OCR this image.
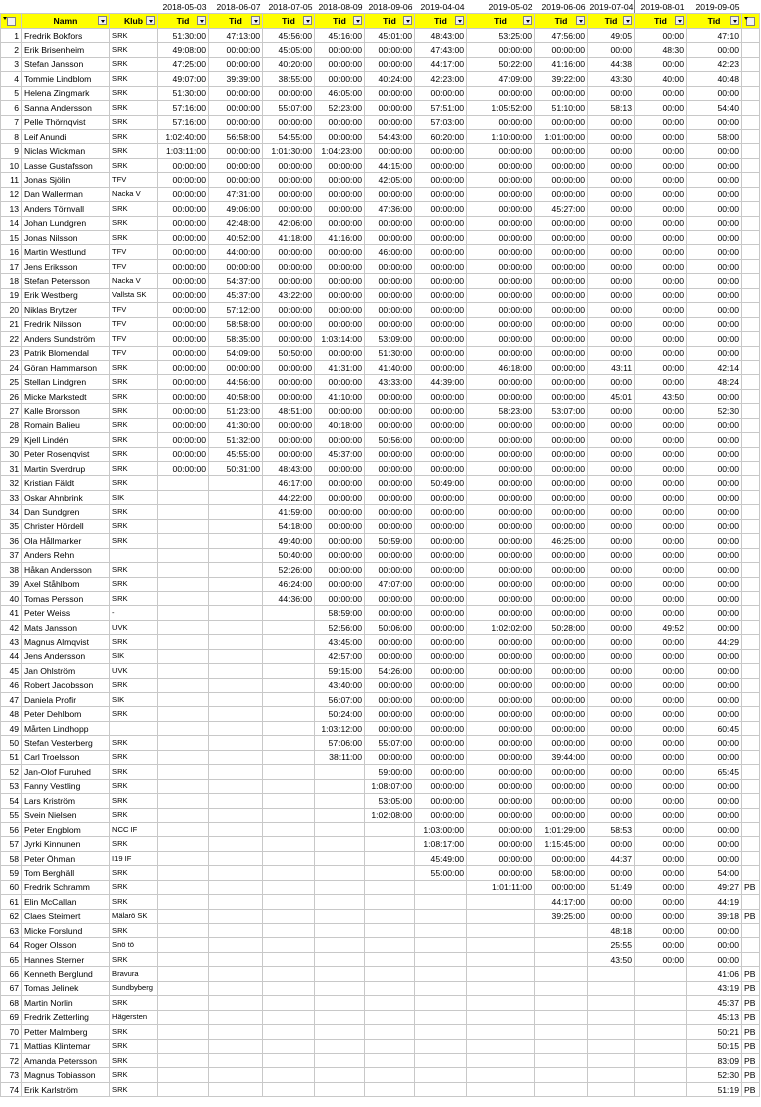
			2018-05-03	2018-06-07	2018-07-05	2018-08-09	2018-09-06	2019-04-04	2019-05-02	2019-06-06	2019-07-04	2019-08-01	2019-09-05	
	Namn	Klub	Tid	Tid	Tid	Tid	Tid	Tid	Tid	Tid	Tid	Tid	Tid

1	Fredrik Bokfors	SRK	51:30:00	47:13:00	45:56:00	45:16:00	45:01:00	48:43:00	53:25:00	47:56:00	49:05	00:00	47:10	
2	Erik Brisenheim	SRK	49:08:00	00:00:00	45:05:00	00:00:00	00:00:00	47:43:00	00:00:00	00:00:00	00:00	48:30	00:00	
3	Stefan Jansson	SRK	47:25:00	00:00:00	40:20:00	00:00:00	00:00:00	44:17:00	50:22:00	41:16:00	44:38	00:00	42:23	
4	Tommie Lindblom	SRK	49:07:00	39:39:00	38:55:00	00:00:00	40:24:00	42:23:00	47:09:00	39:22:00	43:30	40:00	40:48	
5	Helena Zingmark	SRK	51:30:00	00:00:00	00:00:00	46:05:00	00:00:00	00:00:00	00:00:00	00:00:00	00:00	00:00	00:00	
6	Sanna Andersson	SRK	57:16:00	00:00:00	55:07:00	52:23:00	00:00:00	57:51:00	1:05:52:00	51:10:00	58:13	00:00	54:40	
7	Pelle Thörnqvist	SRK	57:16:00	00:00:00	00:00:00	00:00:00	00:00:00	57:03:00	00:00:00	00:00:00	00:00	00:00	00:00	
8	Leif Anundi	SRK	1:02:40:00	56:58:00	54:55:00	00:00:00	54:43:00	60:20:00	1:10:00:00	1:01:00:00	00:00	00:00	58:00	
9	Niclas Wickman	SRK	1:03:11:00	00:00:00	1:01:30:00	1:04:23:00	00:00:00	00:00:00	00:00:00	00:00:00	00:00	00:00	00:00	
10	Lasse Gustafsson	SRK	00:00:00	00:00:00	00:00:00	00:00:00	44:15:00	00:00:00	00:00:00	00:00:00	00:00	00:00	00:00	
11	Jonas Sjölin	TFV	00:00:00	00:00:00	00:00:00	00:00:00	42:05:00	00:00:00	00:00:00	00:00:00	00:00	00:00	00:00	
12	Dan Wallerman	Nacka V	00:00:00	47:31:00	00:00:00	00:00:00	00:00:00	00:00:00	00:00:00	00:00:00	00:00	00:00	00:00	
13	Anders Törnvall	SRK	00:00:00	49:06:00	00:00:00	00:00:00	47:36:00	00:00:00	00:00:00	45:27:00	00:00	00:00	00:00	
14	Johan Lundgren	SRK	00:00:00	42:48:00	42:06:00	00:00:00	00:00:00	00:00:00	00:00:00	00:00:00	00:00	00:00	00:00	
15	Jonas Nilsson	SRK	00:00:00	40:52:00	41:18:00	41:16:00	00:00:00	00:00:00	00:00:00	00:00:00	00:00	00:00	00:00	
16	Martin Westlund	TFV	00:00:00	44:00:00	00:00:00	00:00:00	46:00:00	00:00:00	00:00:00	00:00:00	00:00	00:00	00:00	
17	Jens Eriksson	TFV	00:00:00	00:00:00	00:00:00	00:00:00	00:00:00	00:00:00	00:00:00	00:00:00	00:00	00:00	00:00	
18	Stefan Petersson	Nacka V	00:00:00	54:37:00	00:00:00	00:00:00	00:00:00	00:00:00	00:00:00	00:00:00	00:00	00:00	00:00	
19	Erik Westberg	Vallsta SK	00:00:00	45:37:00	43:22:00	00:00:00	00:00:00	00:00:00	00:00:00	00:00:00	00:00	00:00	00:00	
20	Niklas Brytzer	TFV	00:00:00	57:12:00	00:00:00	00:00:00	00:00:00	00:00:00	00:00:00	00:00:00	00:00	00:00	00:00	
21	Fredrik Nilsson	TFV	00:00:00	58:58:00	00:00:00	00:00:00	00:00:00	00:00:00	00:00:00	00:00:00	00:00	00:00	00:00	
22	Anders Sundström	TFV	00:00:00	58:35:00	00:00:00	1:03:14:00	53:09:00	00:00:00	00:00:00	00:00:00	00:00	00:00	00:00	
23	Patrik Blomendal	TFV	00:00:00	54:09:00	50:50:00	00:00:00	51:30:00	00:00:00	00:00:00	00:00:00	00:00	00:00	00:00	
24	Göran Hammarson	SRK	00:00:00	00:00:00	00:00:00	41:31:00	41:40:00	00:00:00	46:18:00	00:00:00	43:11	00:00	42:14	
25	Stellan Lindgren	SRK	00:00:00	44:56:00	00:00:00	00:00:00	43:33:00	44:39:00	00:00:00	00:00:00	00:00	00:00	48:24	
26	Micke Markstedt	SRK	00:00:00	40:58:00	00:00:00	41:10:00	00:00:00	00:00:00	00:00:00	00:00:00	45:01	43:50	00:00	
27	Kalle Brorsson	SRK	00:00:00	51:23:00	48:51:00	00:00:00	00:00:00	00:00:00	58:23:00	53:07:00	00:00	00:00	52:30	
28	Romain Balieu	SRK	00:00:00	41:30:00	00:00:00	40:18:00	00:00:00	00:00:00	00:00:00	00:00:00	00:00	00:00	00:00	
29	Kjell Lindén	SRK	00:00:00	51:32:00	00:00:00	00:00:00	50:56:00	00:00:00	00:00:00	00:00:00	00:00	00:00	00:00	
30	Peter Rosenqvist	SRK	00:00:00	45:55:00	00:00:00	45:37:00	00:00:00	00:00:00	00:00:00	00:00:00	00:00	00:00	00:00	
31	Martin Sverdrup	SRK	00:00:00	50:31:00	48:43:00	00:00:00	00:00:00	00:00:00	00:00:00	00:00:00	00:00	00:00	00:00	
32	Kristian Fäldt	SRK			46:17:00	00:00:00	00:00:00	50:49:00	00:00:00	00:00:00	00:00	00:00	00:00	
33	Oskar Ahnbrink	SIK			44:22:00	00:00:00	00:00:00	00:00:00	00:00:00	00:00:00	00:00	00:00	00:00	
34	Dan Sundgren	SRK			41:59:00	00:00:00	00:00:00	00:00:00	00:00:00	00:00:00	00:00	00:00	00:00	
35	Christer Hördell	SRK			54:18:00	00:00:00	00:00:00	00:00:00	00:00:00	00:00:00	00:00	00:00	00:00	
36	Ola Hållmarker	SRK			49:40:00	00:00:00	50:59:00	00:00:00	00:00:00	46:25:00	00:00	00:00	00:00	
37	Anders Rehn				50:40:00	00:00:00	00:00:00	00:00:00	00:00:00	00:00:00	00:00	00:00	00:00	
38	Håkan Andersson	SRK			52:26:00	00:00:00	00:00:00	00:00:00	00:00:00	00:00:00	00:00	00:00	00:00	
39	Axel Ståhlbom	SRK			46:24:00	00:00:00	47:07:00	00:00:00	00:00:00	00:00:00	00:00	00:00	00:00	
40	Tomas Persson	SRK			44:36:00	00:00:00	00:00:00	00:00:00	00:00:00	00:00:00	00:00	00:00	00:00	
41	Peter Weiss	-				58:59:00	00:00:00	00:00:00	00:00:00	00:00:00	00:00	00:00	00:00	
42	Mats Jansson	UVK				52:56:00	50:06:00	00:00:00	1:02:02:00	50:28:00	00:00	49:52	00:00	
43	Magnus Almqvist	SRK				43:45:00	00:00:00	00:00:00	00:00:00	00:00:00	00:00	00:00	44:29	
44	Jens Andersson	SIK				42:57:00	00:00:00	00:00:00	00:00:00	00:00:00	00:00	00:00	00:00	
45	Jan Ohlström	UVK				59:15:00	54:26:00	00:00:00	00:00:00	00:00:00	00:00	00:00	00:00	
46	Robert Jacobsson	SRK				43:40:00	00:00:00	00:00:00	00:00:00	00:00:00	00:00	00:00	00:00	
47	Daniela Profir	SIK				56:07:00	00:00:00	00:00:00	00:00:00	00:00:00	00:00	00:00	00:00	
48	Peter Dehlbom	SRK				50:24:00	00:00:00	00:00:00	00:00:00	00:00:00	00:00	00:00	00:00	
49	Mårten Lindhopp					1:03:12:00	00:00:00	00:00:00	00:00:00	00:00:00	00:00	00:00	60:45	
50	Stefan Vesterberg	SRK				57:06:00	55:07:00	00:00:00	00:00:00	00:00:00	00:00	00:00	00:00	
51	Carl Troelsson	SRK				38:11:00	00:00:00	00:00:00	00:00:00	39:44:00	00:00	00:00	00:00	
52	Jan-Olof Furuhed	SRK					59:00:00	00:00:00	00:00:00	00:00:00	00:00	00:00	65:45	
53	Fanny Vestling	SRK					1:08:07:00	00:00:00	00:00:00	00:00:00	00:00	00:00	00:00	
54	Lars Kriström	SRK					53:05:00	00:00:00	00:00:00	00:00:00	00:00	00:00	00:00	
55	Svein Nielsen	SRK					1:02:08:00	00:00:00	00:00:00	00:00:00	00:00	00:00	00:00	
56	Peter Engblom	NCC IF						1:03:00:00	00:00:00	1:01:29:00	58:53	00:00	00:00	
57	Jyrki Kinnunen	SRK						1:08:17:00	00:00:00	1:15:45:00	00:00	00:00	00:00	
58	Peter Öhman	I19 IF						45:49:00	00:00:00	00:00:00	44:37	00:00	00:00	
59	Tom Berghäll	SRK						55:00:00	00:00:00	58:00:00	00:00	00:00	54:00	
60	Fredrik Schramm	SRK							1:01:11:00	00:00:00	51:49	00:00	49:27	PB
61	Elin McCallan	SRK								44:17:00	00:00	00:00	44:19	
62	Claes Steimert	Mälarö SK								39:25:00	00:00	00:00	39:18	PB
63	Micke Forslund	SRK									48:18	00:00	00:00	
64	Roger Olsson	Snö tö									25:55	00:00	00:00	
65	Hannes Sterner	SRK									43:50	00:00	00:00	
66	Kenneth Berglund	Bravura											41:06	PB
67	Tomas Jelinek	Sundbyberg											43:19	PB
68	Martin Norlin	SRK											45:37	PB
69	Fredrik Zetterling	Hägersten											45:13	PB
70	Petter Malmberg	SRK											50:21	PB
71	Mattias Klintemar	SRK											50:15	PB
72	Amanda Petersson	SRK											83:09	PB
73	Magnus Tobiasson	SRK											52:30	PB
74	Erik Karlström	SRK											51:19	PB
